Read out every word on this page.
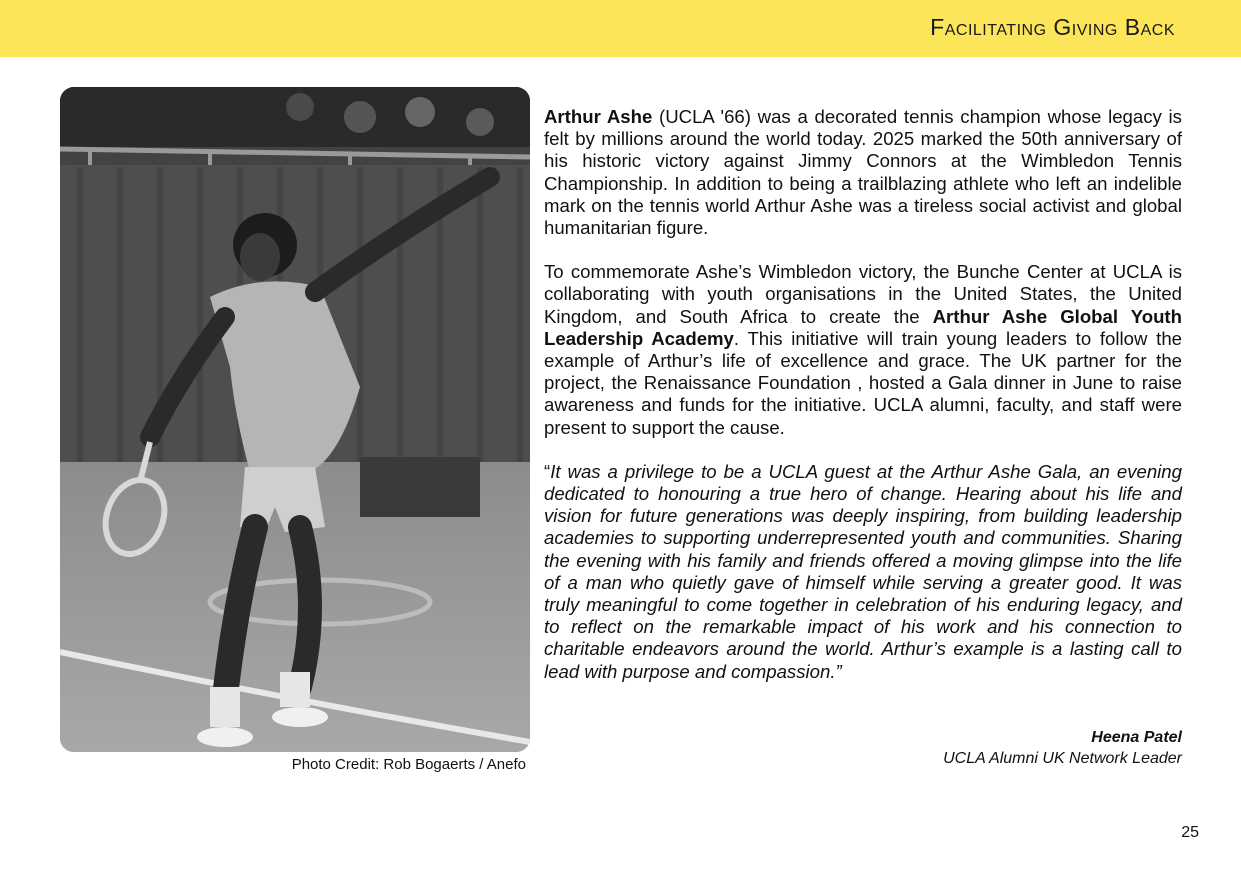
Facilitating Giving Back
Photo Credit: Rob Bogaerts / Anefo

Arthur Ashe (UCLA '66) was a decorated tennis champion whose legacy is felt by millions around the world today. 2025 marked the 50th anniversary of his historic victory against Jimmy Connors at the Wimbledon Tennis Championship. In addition to being a trailblazing athlete who left an indelible mark on the tennis world Arthur Ashe was a tireless social activist and global humanitarian figure.

To commemorate Ashe’s Wimbledon victory, the Bunche Center at UCLA is collaborating with youth organisations in the United States, the United Kingdom, and South Africa to create the Arthur Ashe Global Youth Leadership Academy. This initiative will train young leaders to follow the example of Arthur’s life of excellence and grace. The UK partner for the project, the Renaissance Foundation , hosted a Gala dinner in June to raise awareness and funds for the initiative. UCLA alumni, faculty, and staff were present to support the cause.

“It was a privilege to be a UCLA guest at the Arthur Ashe Gala, an evening dedicated to honouring a true hero of change. Hearing about his life and vision for future generations was deeply inspiring, from building leadership academies to supporting underrepresented youth and communities. Sharing the evening with his family and friends offered a moving glimpse into the life of a man who quietly gave of himself while serving a greater good. It was truly meaningful to come together in celebration of his enduring legacy, and to reflect on the remarkable impact of his work and his connection to charitable endeavors around the world. Arthur’s example is a lasting call to lead with purpose and compassion.”

Heena Patel
UCLA Alumni UK Network Leader
25
